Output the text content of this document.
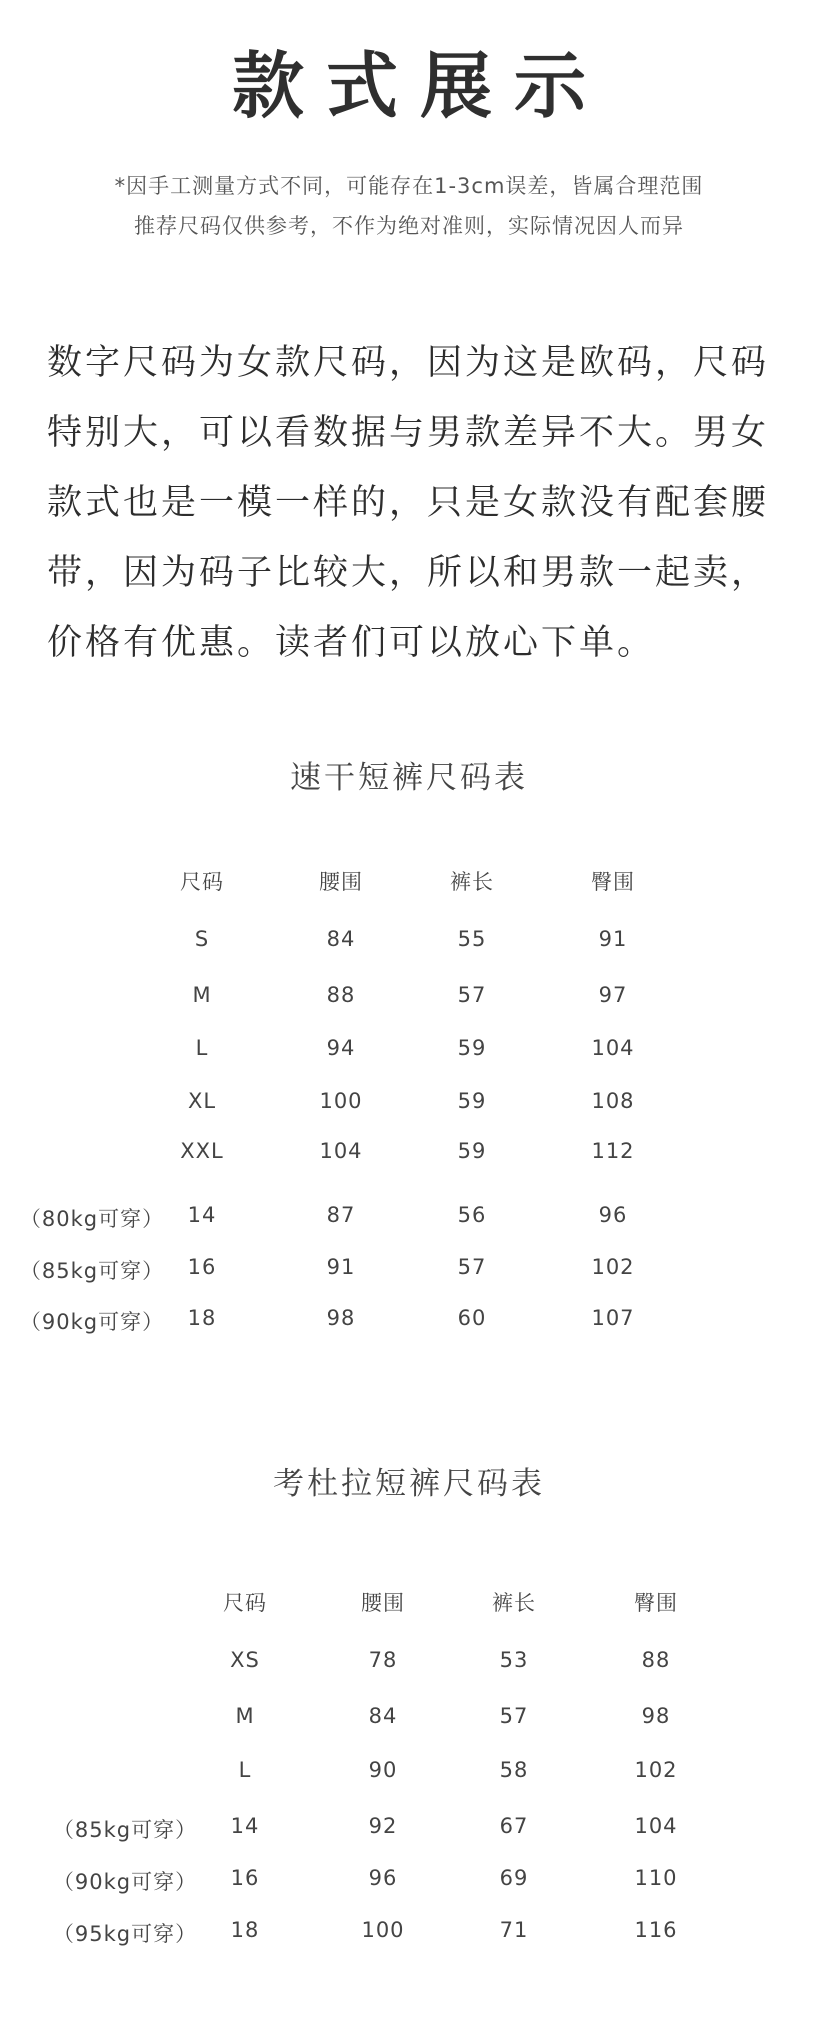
款式展示
*因手工测量方式不同，可能存在1-3cm误差，皆属合理范围
推荐尺码仅供参考，不作为绝对准则，实际情况因人而异
数字尺码为女款尺码，因为这是欧码，尺码
特别大，可以看数据与男款差异不大。男女
款式也是一模一样的，只是女款没有配套腰
带，因为码子比较大，所以和男款一起卖，
价格有优惠。读者们可以放心下单。
速干短裤尺码表
尺码	腰围	裤长	臀围
S	84	55	91
M	88	57	97
L	94	59	104
XL	100	59	108
XXL	104	59	112
（80kg可穿） 14	87	56	96
（85kg可穿） 16	91	57	102
（90kg可穿） 18	98	60	107
考杜拉短裤尺码表
尺码	腰围	裤长	臀围
XS	78	53	88
M	84	57	98
L	90	58	102
（85kg可穿） 14	92	67	104
（90kg可穿） 16	96	69	110
（95kg可穿） 18	100	71	116
